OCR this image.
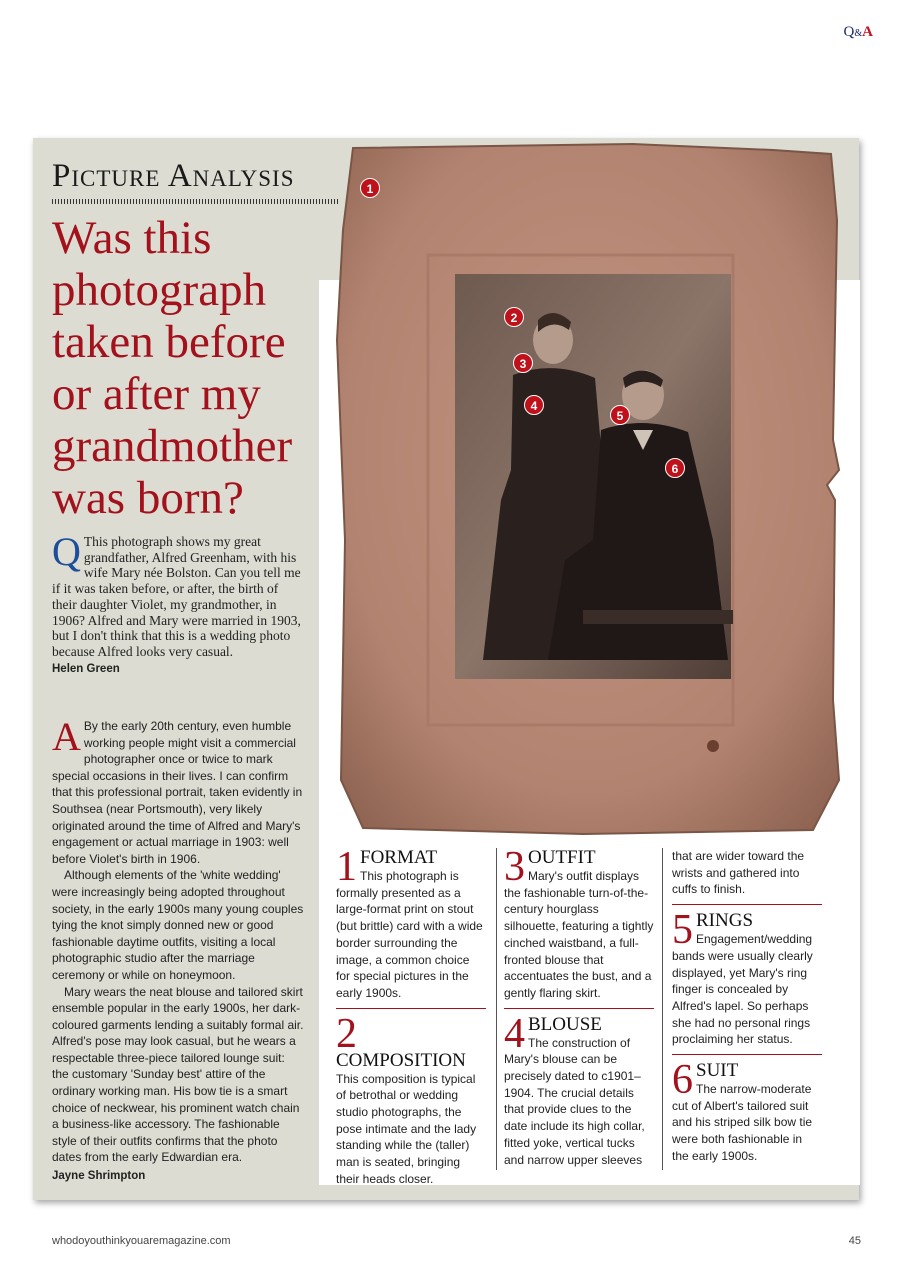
Q&A
Picture Analysis
Was this photograph taken before or after my grandmother was born?
Q This photograph shows my great grandfather, Alfred Greenham, with his wife Mary née Bolston. Can you tell me if it was taken before, or after, the birth of their daughter Violet, my grandmother, in 1906? Alfred and Mary were married in 1903, but I don't think that this is a wedding photo because Alfred looks very casual.
Helen Green

A By the early 20th century, even humble working people might visit a commercial photographer once or twice to mark special occasions in their lives. I can confirm that this professional portrait, taken evidently in Southsea (near Portsmouth), very likely originated around the time of Alfred and Mary's engagement or actual marriage in 1903: well before Violet's birth in 1906.

Although elements of the 'white wedding' were increasingly being adopted throughout society, in the early 1900s many young couples tying the knot simply donned new or good fashionable daytime outfits, visiting a local photographic studio after the marriage ceremony or while on honeymoon.

Mary wears the neat blouse and tailored skirt ensemble popular in the early 1900s, her dark-coloured garments lending a suitably formal air. Alfred's pose may look casual, but he wears a respectable three-piece tailored lounge suit: the customary 'Sunday best' attire of the ordinary working man. His bow tie is a smart choice of neckwear, his prominent watch chain a business-like accessory. The fashionable style of their outfits confirms that the photo dates from the early Edwardian era.

Jayne Shrimpton
1
2
3
4
5
6
1 FORMAT
This photograph is formally presented as a large-format print on stout (but brittle) card with a wide border surrounding the image, a common choice for special pictures in the early 1900s.
2
COMPOSITION
This composition is typical of betrothal or wedding studio photographs, the pose intimate and the lady standing while the (taller) man is seated, bringing their heads closer.
3 OUTFIT
Mary's outfit displays the fashionable turn-of-the-century hourglass silhouette, featuring a tightly cinched waistband, a full-fronted blouse that accentuates the bust, and a gently flaring skirt.
4 BLOUSE
The construction of Mary's blouse can be precisely dated to c1901–1904. The crucial details that provide clues to the date include its high collar, fitted yoke, vertical tucks and narrow upper sleeves
that are wider toward the wrists and gathered into cuffs to finish.
5 RINGS
Engagement/wedding bands were usually clearly displayed, yet Mary's ring finger is concealed by Alfred's lapel. So perhaps she had no personal rings proclaiming her status.
6 SUIT
The narrow-moderate cut of Albert's tailored suit and his striped silk bow tie were both fashionable in the early 1900s.
whodoyouthinkyouaremagazine.com	45
